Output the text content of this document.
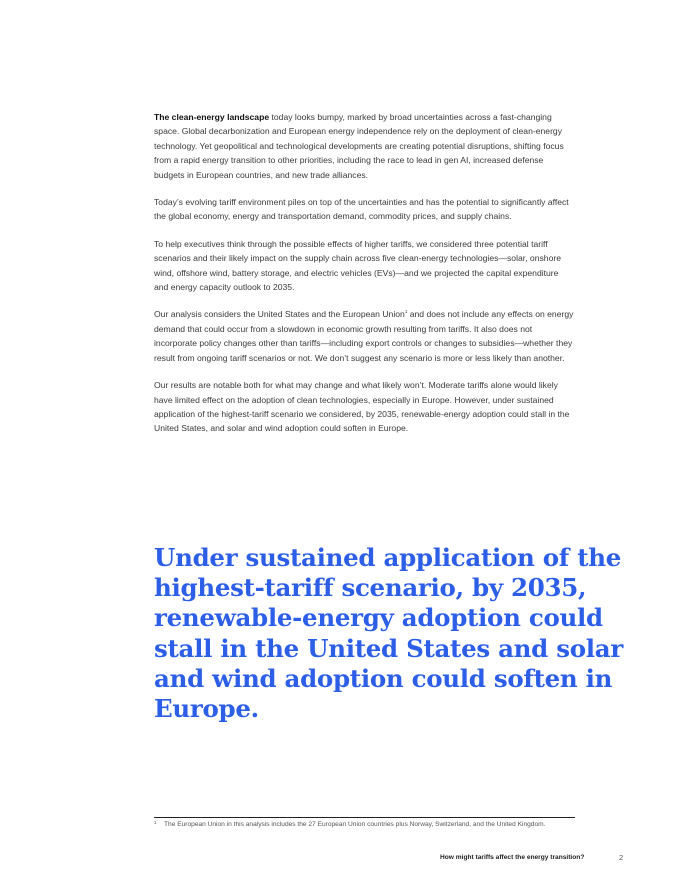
The clean-energy landscape today looks bumpy, marked by broad uncertainties across a fast-changing space. Global decarbonization and European energy independence rely on the deployment of clean-energy technology. Yet geopolitical and technological developments are creating potential disruptions, shifting focus from a rapid energy transition to other priorities, including the race to lead in gen AI, increased defense budgets in European countries, and new trade alliances.

Today’s evolving tariff environment piles on top of the uncertainties and has the potential to significantly affect the global economy, energy and transportation demand, commodity prices, and supply chains.

To help executives think through the possible effects of higher tariffs, we considered three potential tariff scenarios and their likely impact on the supply chain across five clean-energy technologies—solar, onshore wind, offshore wind, battery storage, and electric vehicles (EVs)—and we projected the capital expenditure and energy capacity outlook to 2035.

Our analysis considers the United States and the European Union$^1$ and does not include any effects on energy demand that could occur from a slowdown in economic growth resulting from tariffs. It also does not incorporate policy changes other than tariffs—including export controls or changes to subsidies—whether they result from ongoing tariff scenarios or not. We don’t suggest any scenario is more or less likely than another.

Our results are notable both for what may change and what likely won’t. Moderate tariffs alone would likely have limited effect on the adoption of clean technologies, especially in Europe. However, under sustained application of the highest-tariff scenario we considered, by 2035, renewable-energy adoption could stall in the United States, and solar and wind adoption could soften in Europe.

Under sustained application of the highest-tariff scenario, by 2035, renewable-energy adoption could stall in the United States and solar and wind adoption could soften in Europe.

1	The European Union in this analysis includes the 27 European Union countries plus Norway, Switzerland, and the United Kingdom.
How might tariffs affect the energy transition?	2
